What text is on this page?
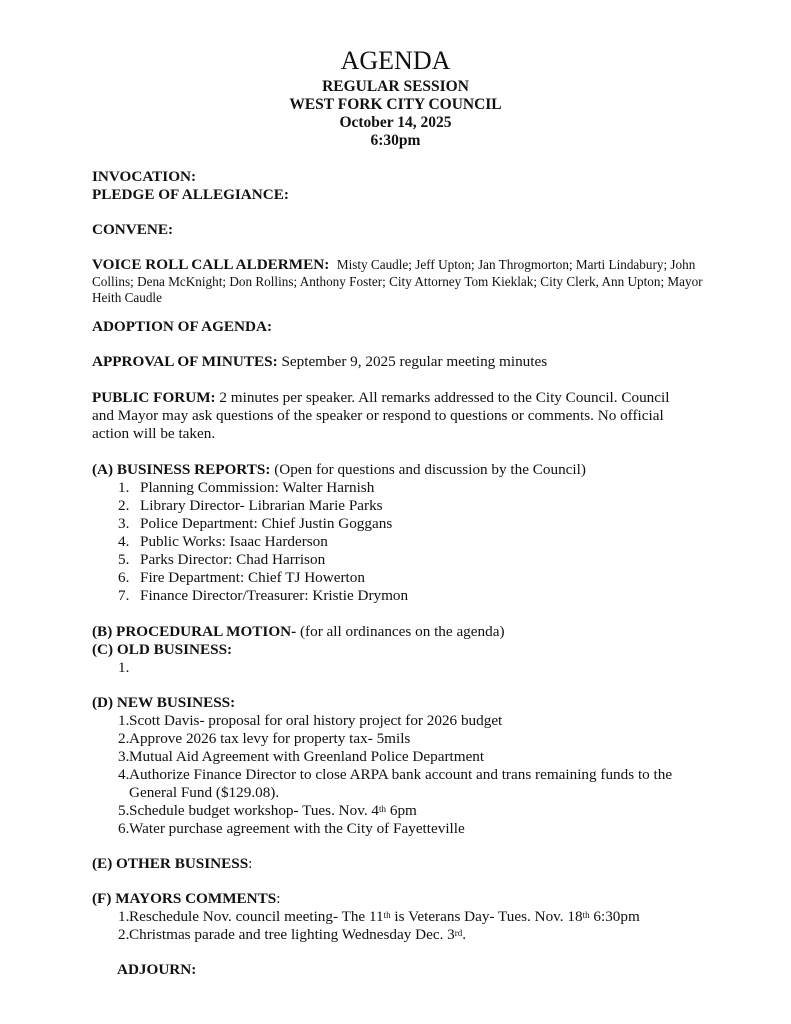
AGENDA
REGULAR SESSION
WEST FORK CITY COUNCIL
October 14, 2025
6:30pm
INVOCATION:
PLEDGE OF ALLEGIANCE:
CONVENE:
VOICE ROLL CALL ALDERMEN: Misty Caudle; Jeff Upton; Jan Throgmorton; Marti Lindabury; John
Collins; Dena McKnight; Don Rollins; Anthony Foster; City Attorney Tom Kieklak; City Clerk, Ann Upton; Mayor
Heith Caudle
ADOPTION OF AGENDA:
APPROVAL OF MINUTES: September 9, 2025 regular meeting minutes
PUBLIC FORUM: 2 minutes per speaker. All remarks addressed to the City Council. Council
and Mayor may ask questions of the speaker or respond to questions or comments. No official
action will be taken.
(A) BUSINESS REPORTS: (Open for questions and discussion by the Council)
1. Planning Commission: Walter Harnish
2. Library Director- Librarian Marie Parks
3. Police Department: Chief Justin Goggans
4. Public Works: Isaac Harderson
5. Parks Director: Chad Harrison
6. Fire Department: Chief TJ Howerton
7. Finance Director/Treasurer: Kristie Drymon
(B) PROCEDURAL MOTION- (for all ordinances on the agenda)
(C) OLD BUSINESS:
1.
(D) NEW BUSINESS:
1. Scott Davis- proposal for oral history project for 2026 budget
2. Approve 2026 tax levy for property tax- 5mils
3. Mutual Aid Agreement with Greenland Police Department
4. Authorize Finance Director to close ARPA bank account and trans remaining funds to the
General Fund ($129.08).
5. Schedule budget workshop- Tues. Nov. 4th 6pm
6. Water purchase agreement with the City of Fayetteville
(E) OTHER BUSINESS:
(F) MAYORS COMMENTS:
1. Reschedule Nov. council meeting- The 11th is Veterans Day- Tues. Nov. 18th 6:30pm
2. Christmas parade and tree lighting Wednesday Dec. 3rd.
ADJOURN:
